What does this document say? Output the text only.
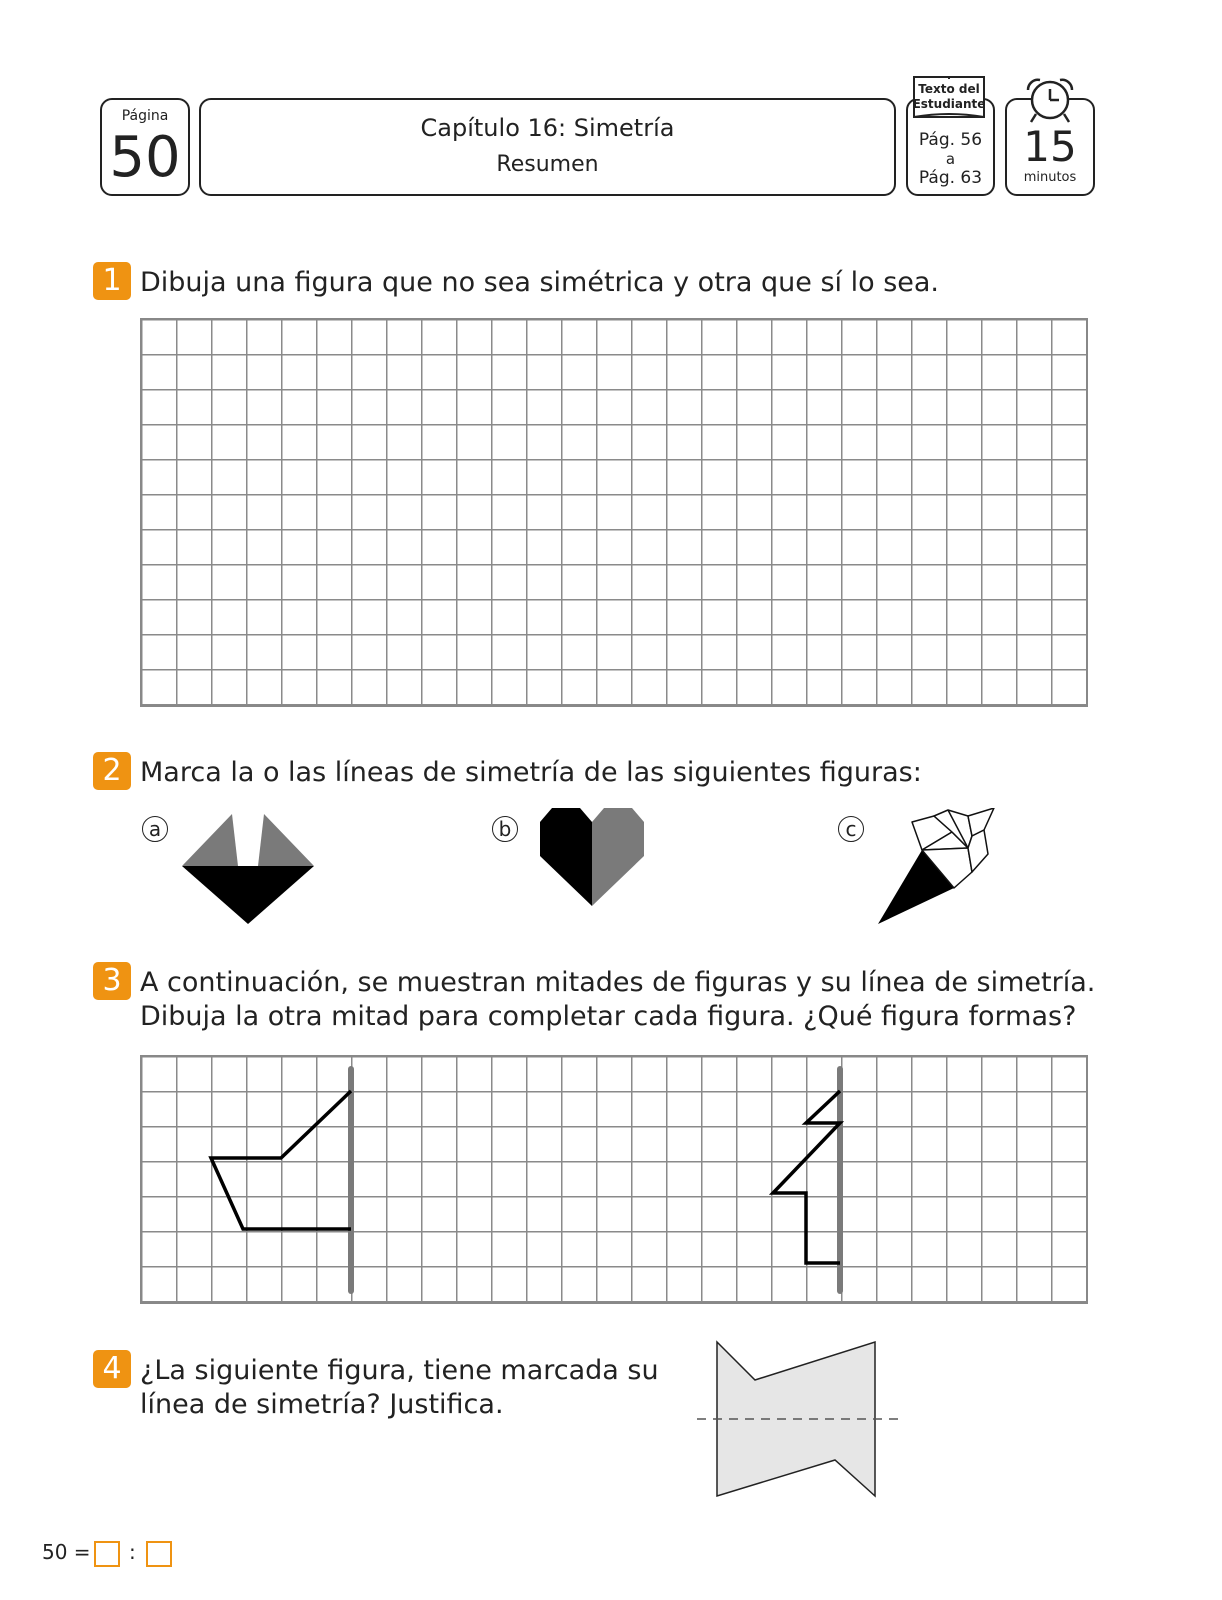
Página
50	Capítulo 16: Simetría
Resumen
Pág. 56
a
Pág. 63
Texto del
Estudiante
15
minutos
1 Dibuja una figura que no sea simétrica y otra que sí lo sea.
2 Marca la o las líneas de simetría de las siguientes figuras:
a	b	c
3 A continuación, se muestran mitades de figuras y su línea de simetría.
Dibuja la otra mitad para completar cada figura. ¿Qué figura formas?
4 ¿La siguiente figura, tiene marcada su
línea de simetría? Justifica.
50 = :
